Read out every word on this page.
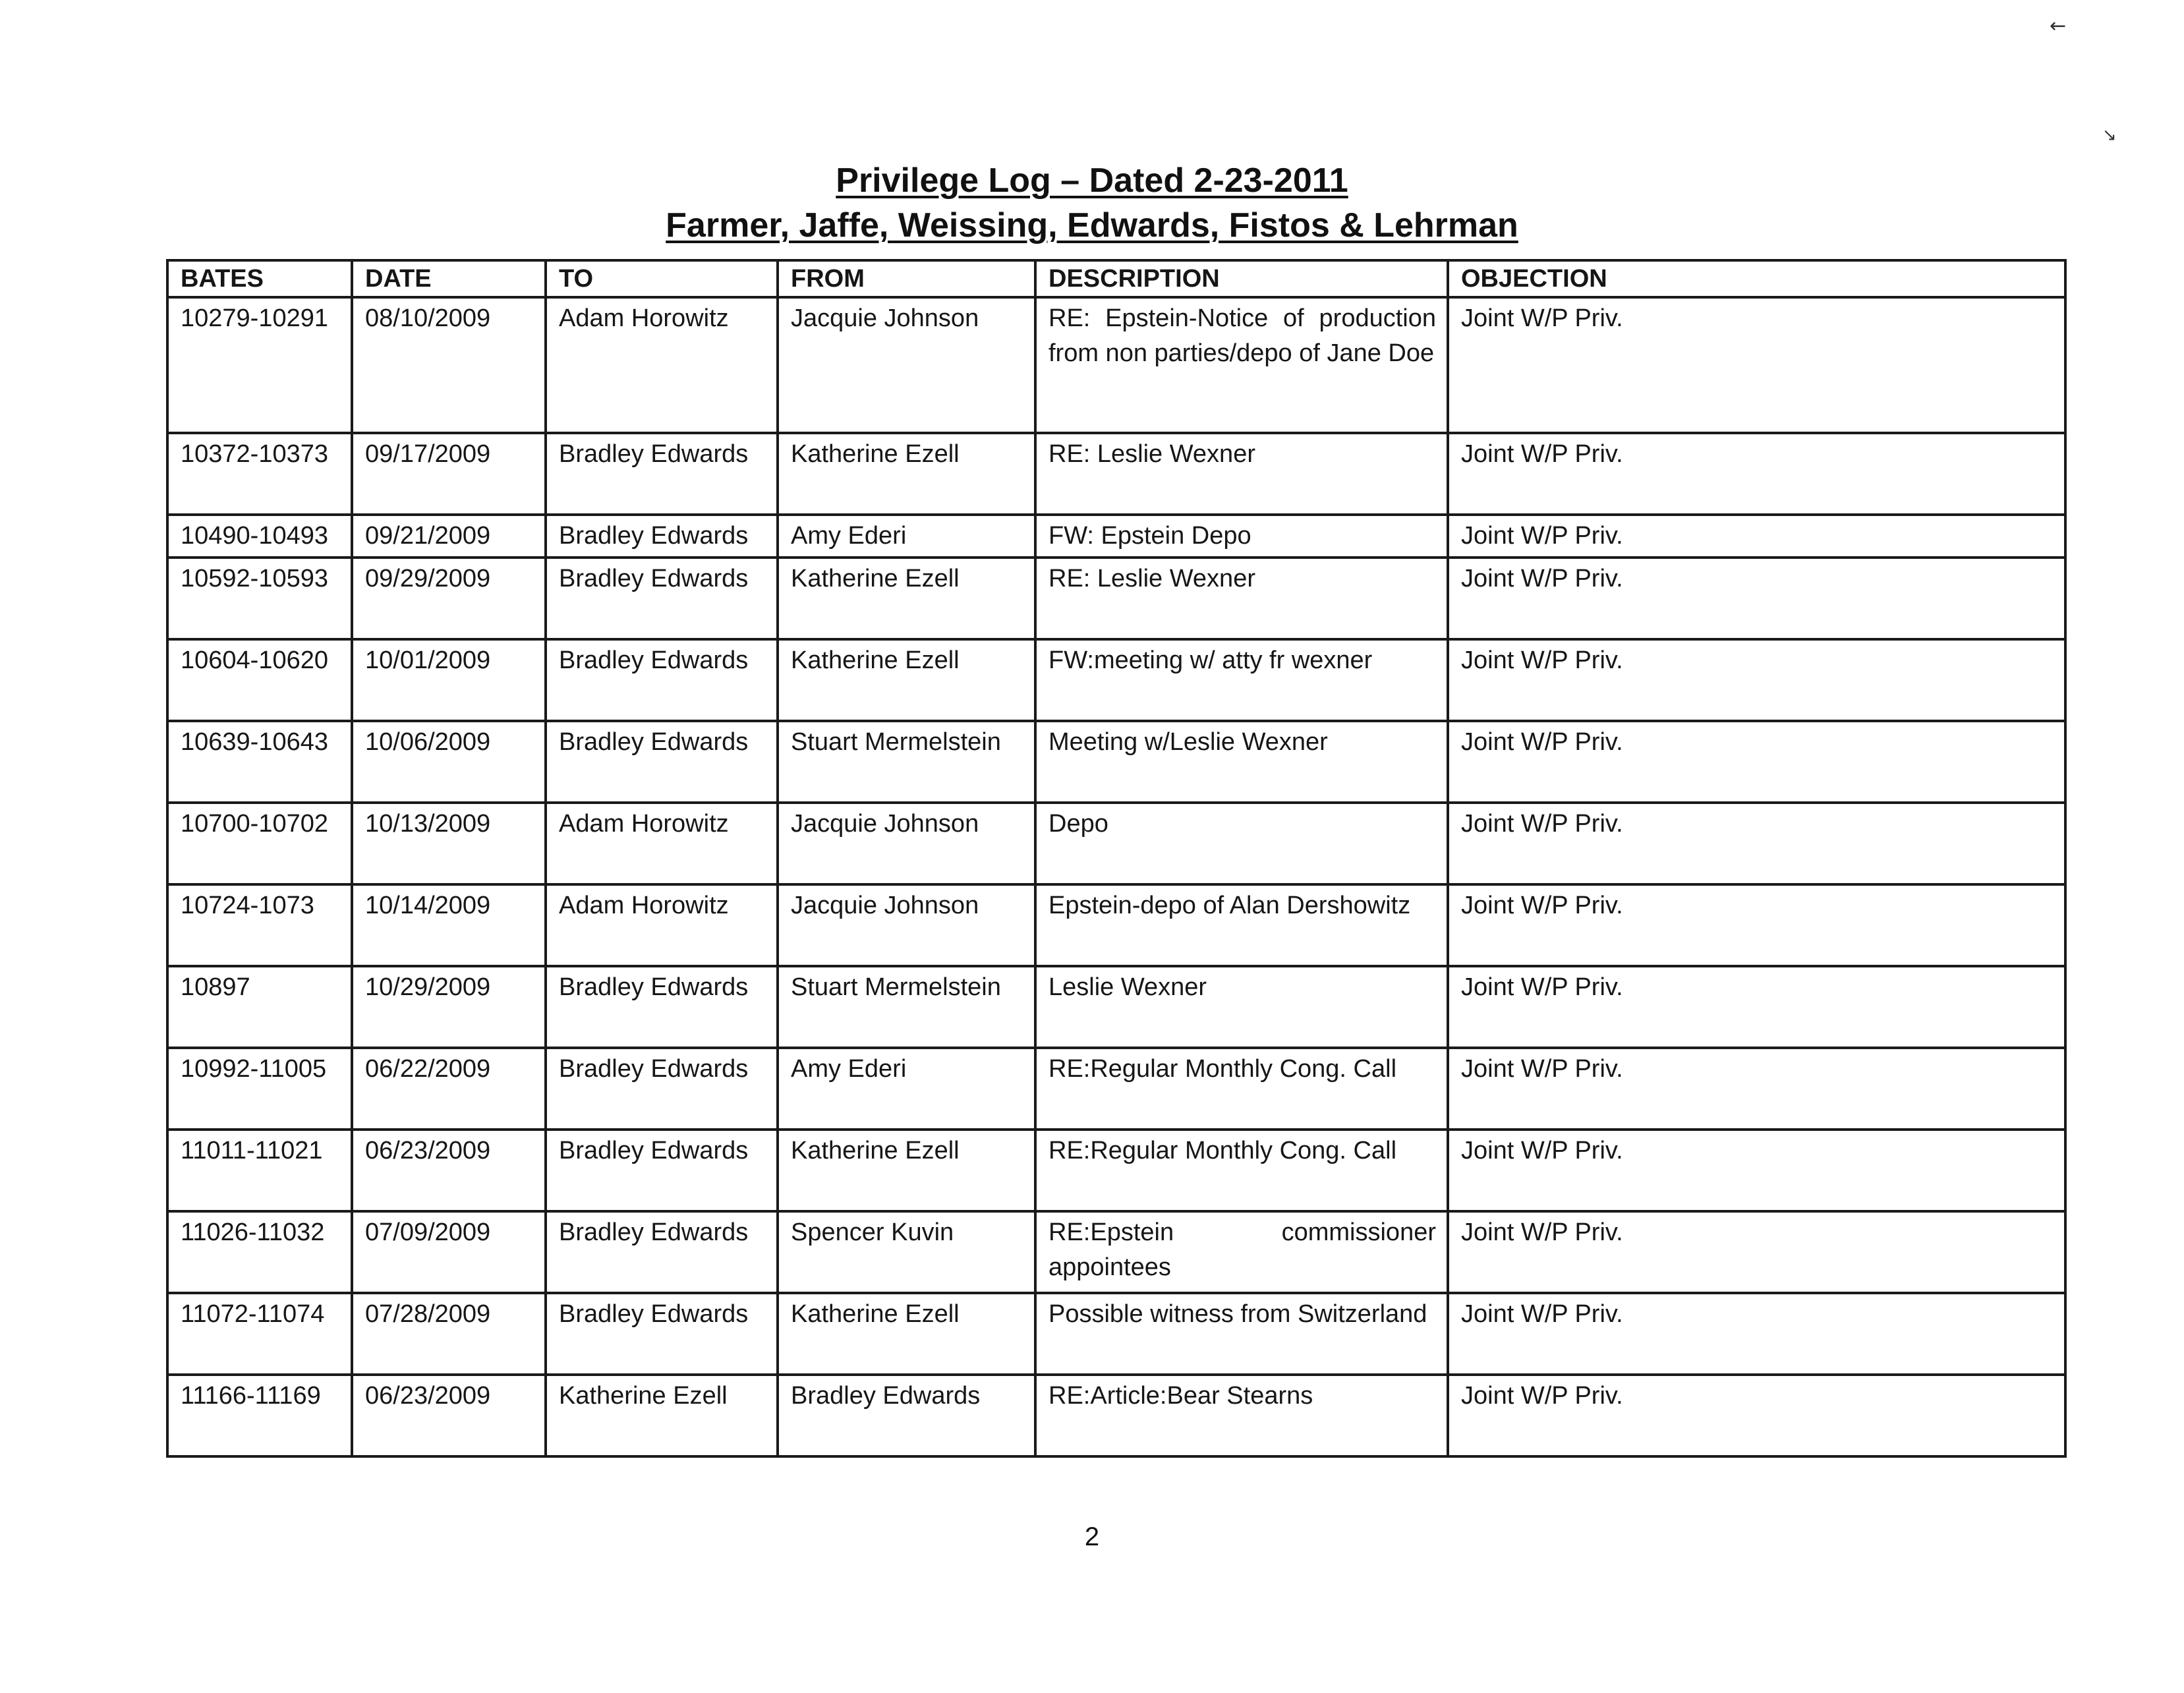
←
↘
Privilege Log – Dated 2-23-2011
Farmer, Jaffe, Weissing, Edwards, Fistos & Lehrman
BATES	DATE	TO	FROM	DESCRIPTION	OBJECTION
10279-10291	08/10/2009	Adam Horowitz	Jacquie Johnson	RE: Epstein-Notice of production from non parties/depo of Jane Doe	Joint W/P Priv.
10372-10373	09/17/2009	Bradley Edwards	Katherine Ezell	RE: Leslie Wexner	Joint W/P Priv.
10490-10493	09/21/2009	Bradley Edwards	Amy Ederi	FW: Epstein Depo	Joint W/P Priv.
10592-10593	09/29/2009	Bradley Edwards	Katherine Ezell	RE: Leslie Wexner	Joint W/P Priv.
10604-10620	10/01/2009	Bradley Edwards	Katherine Ezell	FW:meeting w/ atty fr wexner	Joint W/P Priv.
10639-10643	10/06/2009	Bradley Edwards	Stuart Mermelstein	Meeting w/Leslie Wexner	Joint W/P Priv.
10700-10702	10/13/2009	Adam Horowitz	Jacquie Johnson	Depo	Joint W/P Priv.
10724-1073	10/14/2009	Adam Horowitz	Jacquie Johnson	Epstein-depo of Alan Dershowitz	Joint W/P Priv.
10897	10/29/2009	Bradley Edwards	Stuart Mermelstein	Leslie Wexner	Joint W/P Priv.
10992-11005	06/22/2009	Bradley Edwards	Amy Ederi	RE:Regular Monthly Cong. Call	Joint W/P Priv.
11011-11021	06/23/2009	Bradley Edwards	Katherine Ezell	RE:Regular Monthly Cong. Call	Joint W/P Priv.
11026-11032	07/09/2009	Bradley Edwards	Spencer Kuvin	RE:Epstein commissioner appointees	Joint W/P Priv.
11072-11074	07/28/2009	Bradley Edwards	Katherine Ezell	Possible witness from Switzerland	Joint W/P Priv.
11166-11169	06/23/2009	Katherine Ezell	Bradley Edwards	RE:Article:Bear Stearns	Joint W/P Priv.
2
